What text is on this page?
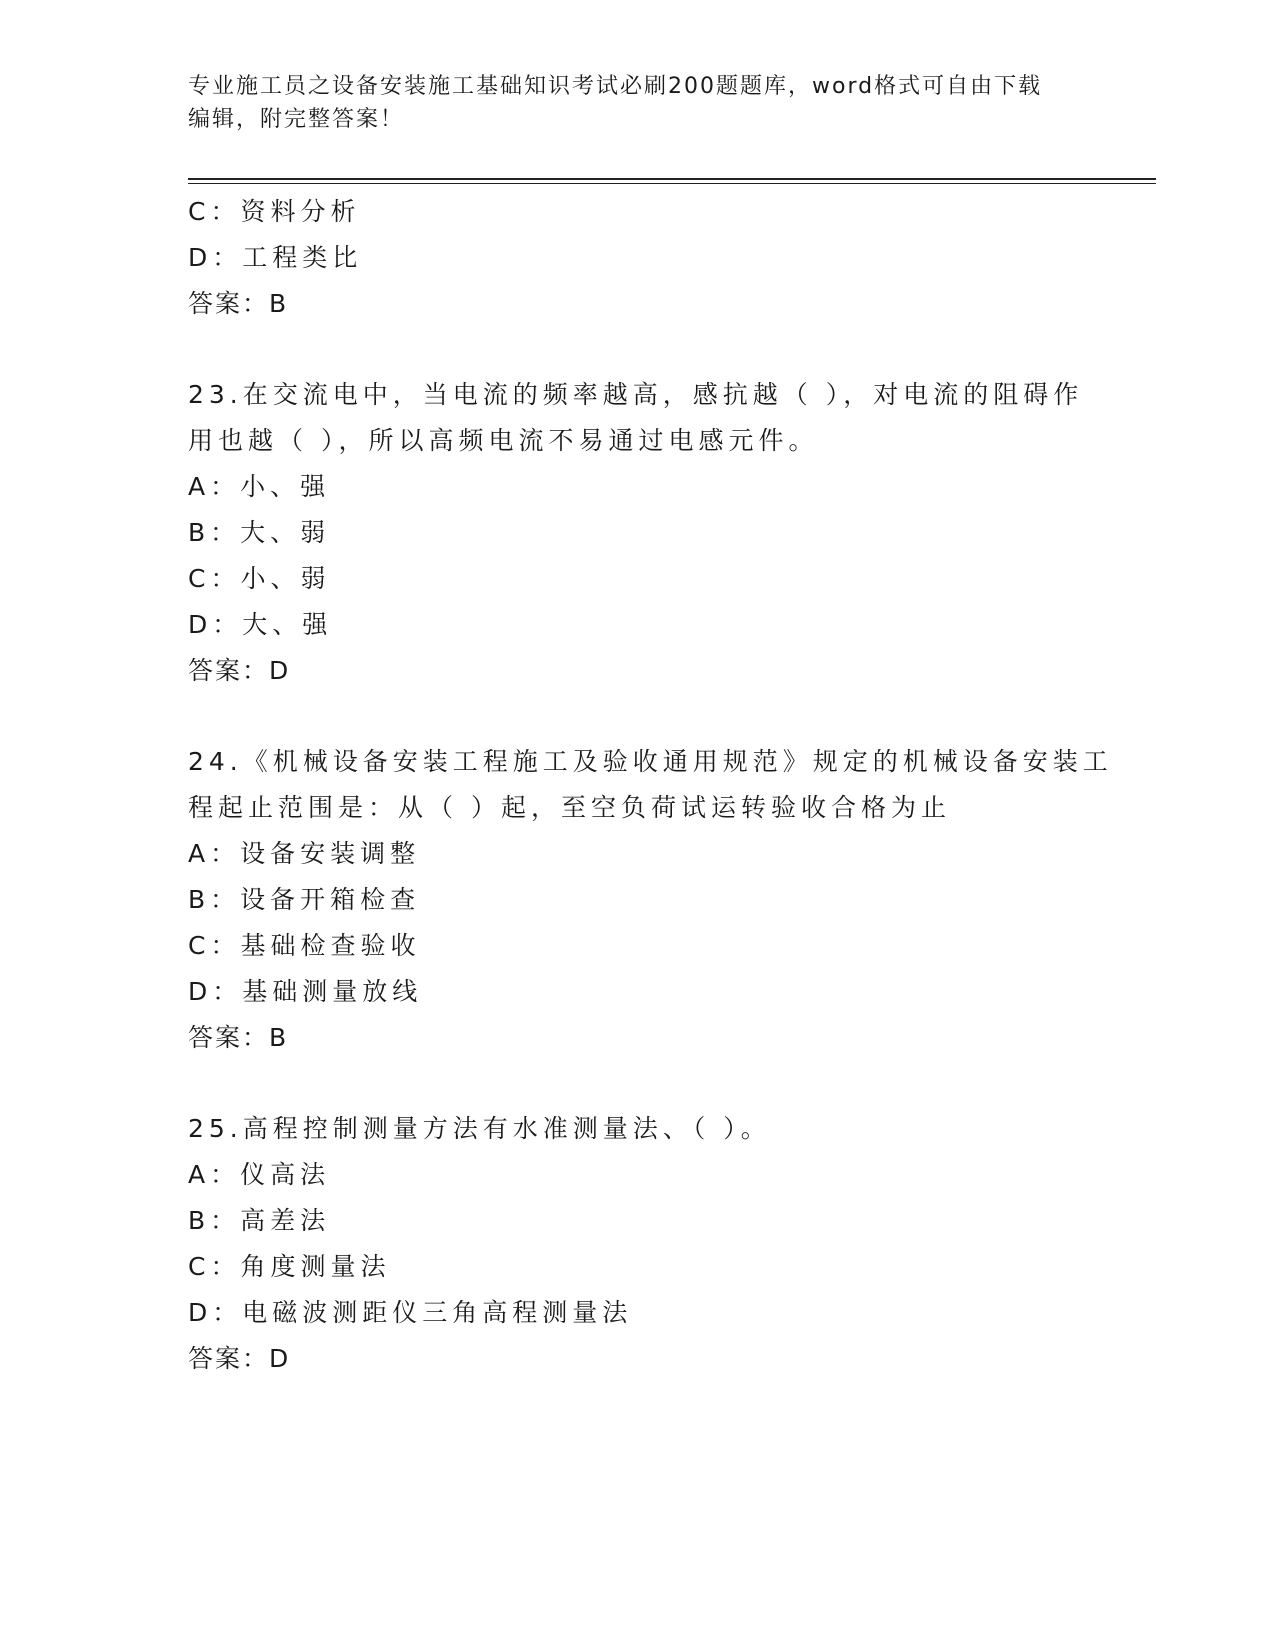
专业施工员之设备安装施工基础知识考试必刷200题题库，word格式可自由下载
编辑，附完整答案！
C：资料分析
D：工程类比
答案：B
23.在交流电中，当电流的频率越高，感抗越（ ），对电流的阻碍作
用也越（ ），所以高频电流不易通过电感元件。
A：小、强
B：大、弱
C：小、弱
D：大、强
答案：D
24.《机械设备安装工程施工及验收通用规范》规定的机械设备安装工
程起止范围是：从（ ）起，至空负荷试运转验收合格为止
A：设备安装调整
B：设备开箱检查
C：基础检查验收
D：基础测量放线
答案：B
25.高程控制测量方法有水准测量法、（ ）。
A：仪高法
B：高差法
C：角度测量法
D：电磁波测距仪三角高程测量法
答案：D
